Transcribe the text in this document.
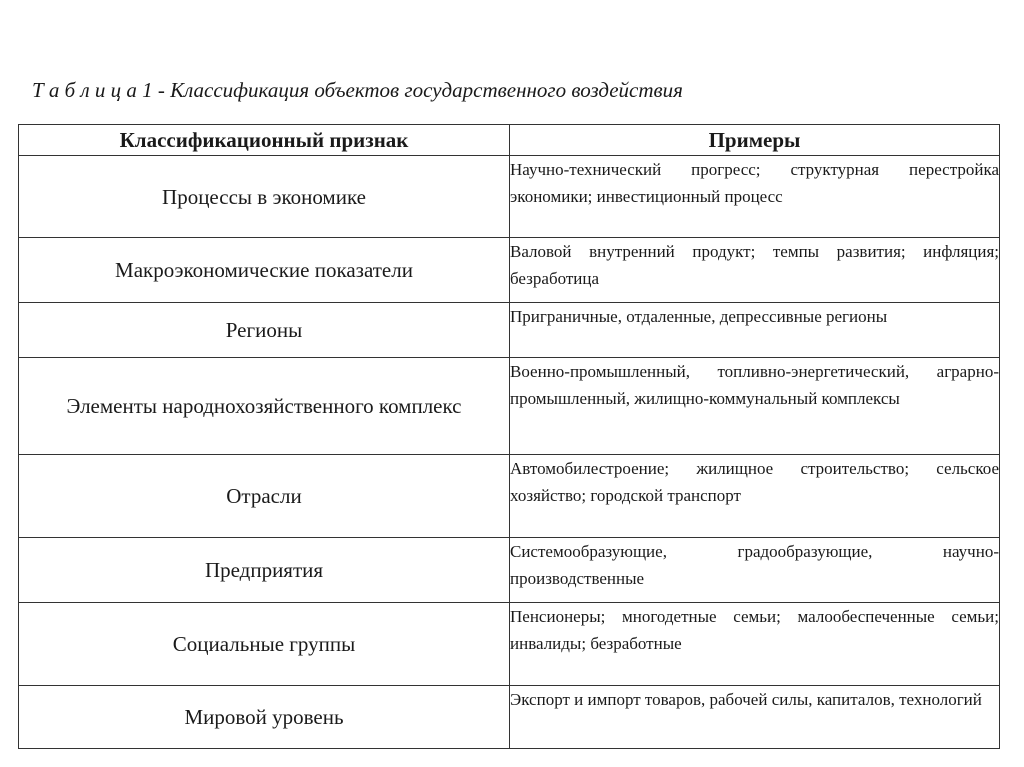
Т а б л и ц а 1 - Классификация объектов государственного воздействия
Классификационный признак	Примеры
Процессы в экономике	Научно-технический прогресс; структурная перестройка экономики; инвестиционный процесс
Макроэкономические показатели	Валовой внутренний продукт; темпы развития; инфляция; безработица
Регионы	Приграничные, отдаленные, депрессивные регионы
Элементы народнохозяйственного комплекс	Военно-промышленный, топливно-энергетический, аграрно-промышленный, жилищно-коммунальный комплексы
Отрасли	Автомобилестроение; жилищное строительство; сельское хозяйство; городской транспорт
Предприятия	Системообразующие, градообразующие, научно-производственные
Социальные группы	Пенсионеры; многодетные семьи; малообеспеченные семьи; инвалиды; безработные
Мировой уровень	Экспорт и импорт товаров, рабочей силы, капиталов, технологий
